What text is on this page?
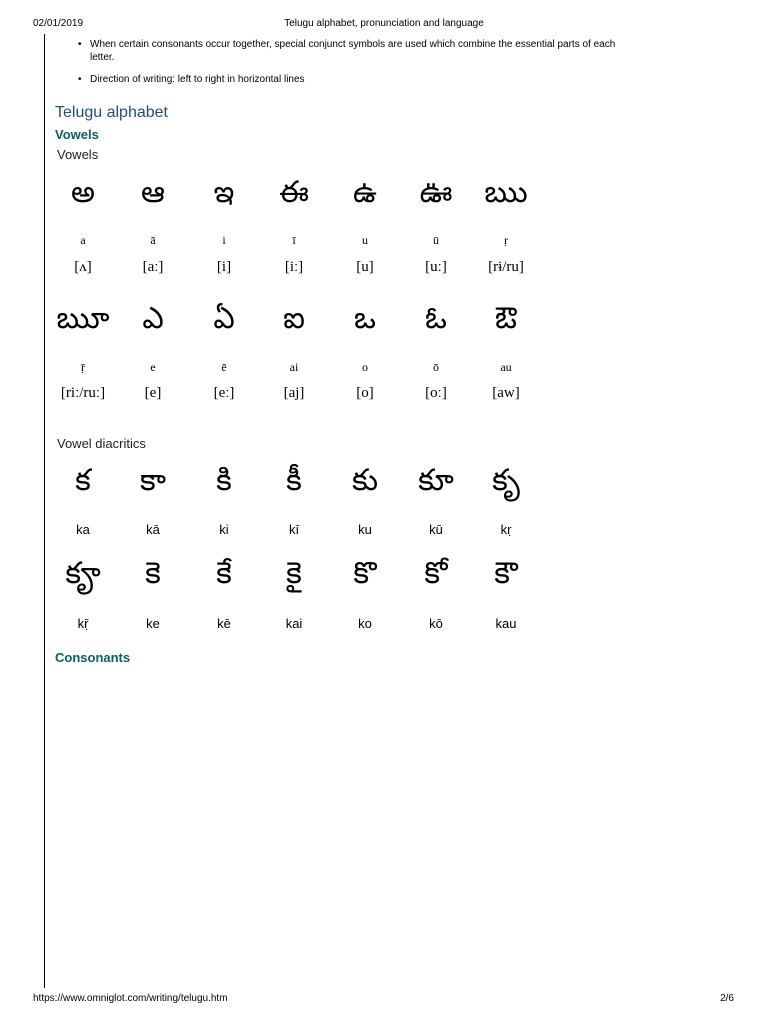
02/01/2019	Telugu alphabet, pronunciation and language
• When certain consonants occur together, special conjunct symbols are used which combine the essential parts of each letter.
• Direction of writing: left to right in horizontal lines
Telugu alphabet
Vowels
Vowels
అ	ఆ	ఇ	ఈ	ఉ	ఊ	ఋ
a	ā	i	ī	u	ū	ṛ
[ʌ]	[aː]	[i]	[iː]	[u]	[uː]	[rɨ/ru]
ౠ	ఎ	ఏ	ఐ	ఒ	ఓ	ఔ
ṝ	e	ē	ai	o	ō	au
[riː/ruː]	[e]	[eː]	[aj]	[o]	[oː]	[aw]
Vowel diacritics
క	కా	కి	కీ	కు	కూ	కృ
ka	kā	ki	kī	ku	kū	kṛ
కౄ	కె	కే	కై	కొ	కో	కౌ
kṝ	ke	kē	kai	ko	kō	kau
Consonants
https://www.omniglot.com/writing/telugu.htm	2/6
